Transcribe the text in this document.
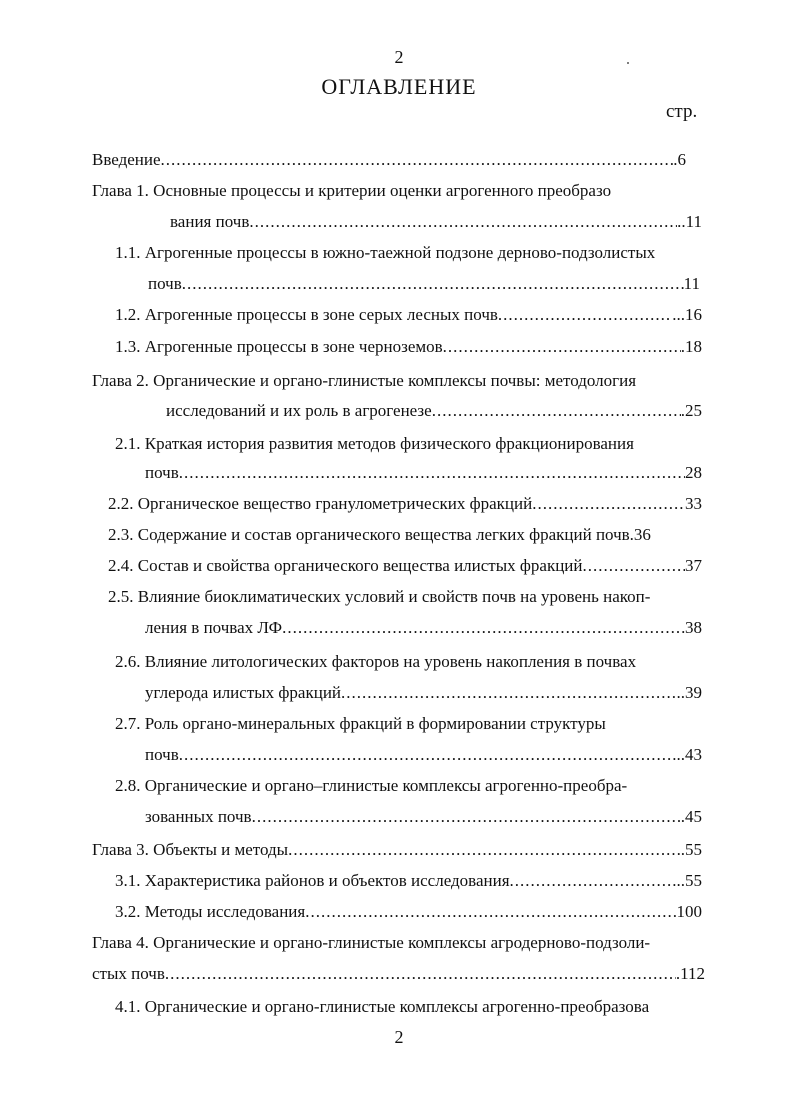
2
ОГЛАВЛЕНИЕ
стр.
Введение .....	.6
Глава 1. Основные процессы и критерии оценки агрогенного преобразо
вания почв .....	..11
1.1. Агрогенные процессы в южно-таежной подзоне дерново-подзолистых
почв .....	11
1.2. Агрогенные процессы в зоне серых лесных почв .....	...16
1.3. Агрогенные процессы в зоне черноземов .....	.18
Глава 2. Органические и органо-глинистые комплексы почвы: методология
исследований и их роль в агрогенезе .....	.25
2.1. Краткая история развития методов физического фракционирования
почв .....	28
2.2. Органическое вещество гранулометрических фракций .....	33
2.3. Содержание и состав органического вещества легких фракций почв.36
2.4. Состав и свойства органического вещества илистых фракций .....	37
2.5. Влияние биоклиматических условий и свойств почв на уровень накоп-
ления в почвах ЛФ .....	38
2.6. Влияние литологических факторов на уровень накопления в почвах
углерода илистых фракций .....	..39
2.7. Роль органо-минеральных фракций в формировании структуры
почв .....	..43
2.8. Органические и органо–глинистые комплексы агрогенно-преобра-
зованных почв .....	.45
Глава 3. Объекты и методы .....	.55
3.1. Характеристика районов и объектов исследования .....	..55
3.2. Методы исследования .....	100
Глава 4. Органические и органо-глинистые комплексы агродерново-подзоли-
стых почв .....	.112
4.1. Органические и органо-глинистые комплексы агрогенно-преобразова
2
